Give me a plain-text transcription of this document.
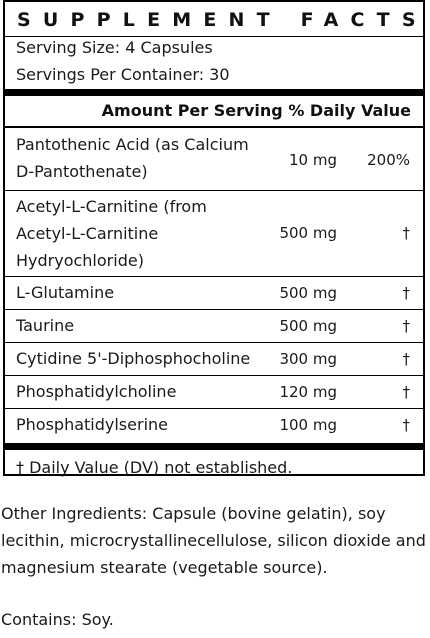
SUPPLEMENT FACTS
Serving Size: 4 Capsules
Servings Per Container: 30
Amount Per Serving % Daily Value
Pantothenic Acid (as Calcium
D-Pantothenate)
10 mg 200%
Acetyl-L-Carnitine (from
Acetyl-L-Carnitine
Hydryochloride)
500 mg	†
L-Glutamine	500 mg	†
Taurine	500 mg	†
Cytidine 5'-Diphosphocholine 300 mg	†
Phosphatidylcholine	120 mg	†
Phosphatidylserine	100 mg	†
† Daily Value (DV) not established.
Other Ingredients: Capsule (bovine gelatin), soy lecithin, microcrystallinecellulose, silicon dioxide and magnesium stearate (vegetable source).
Contains: Soy.
